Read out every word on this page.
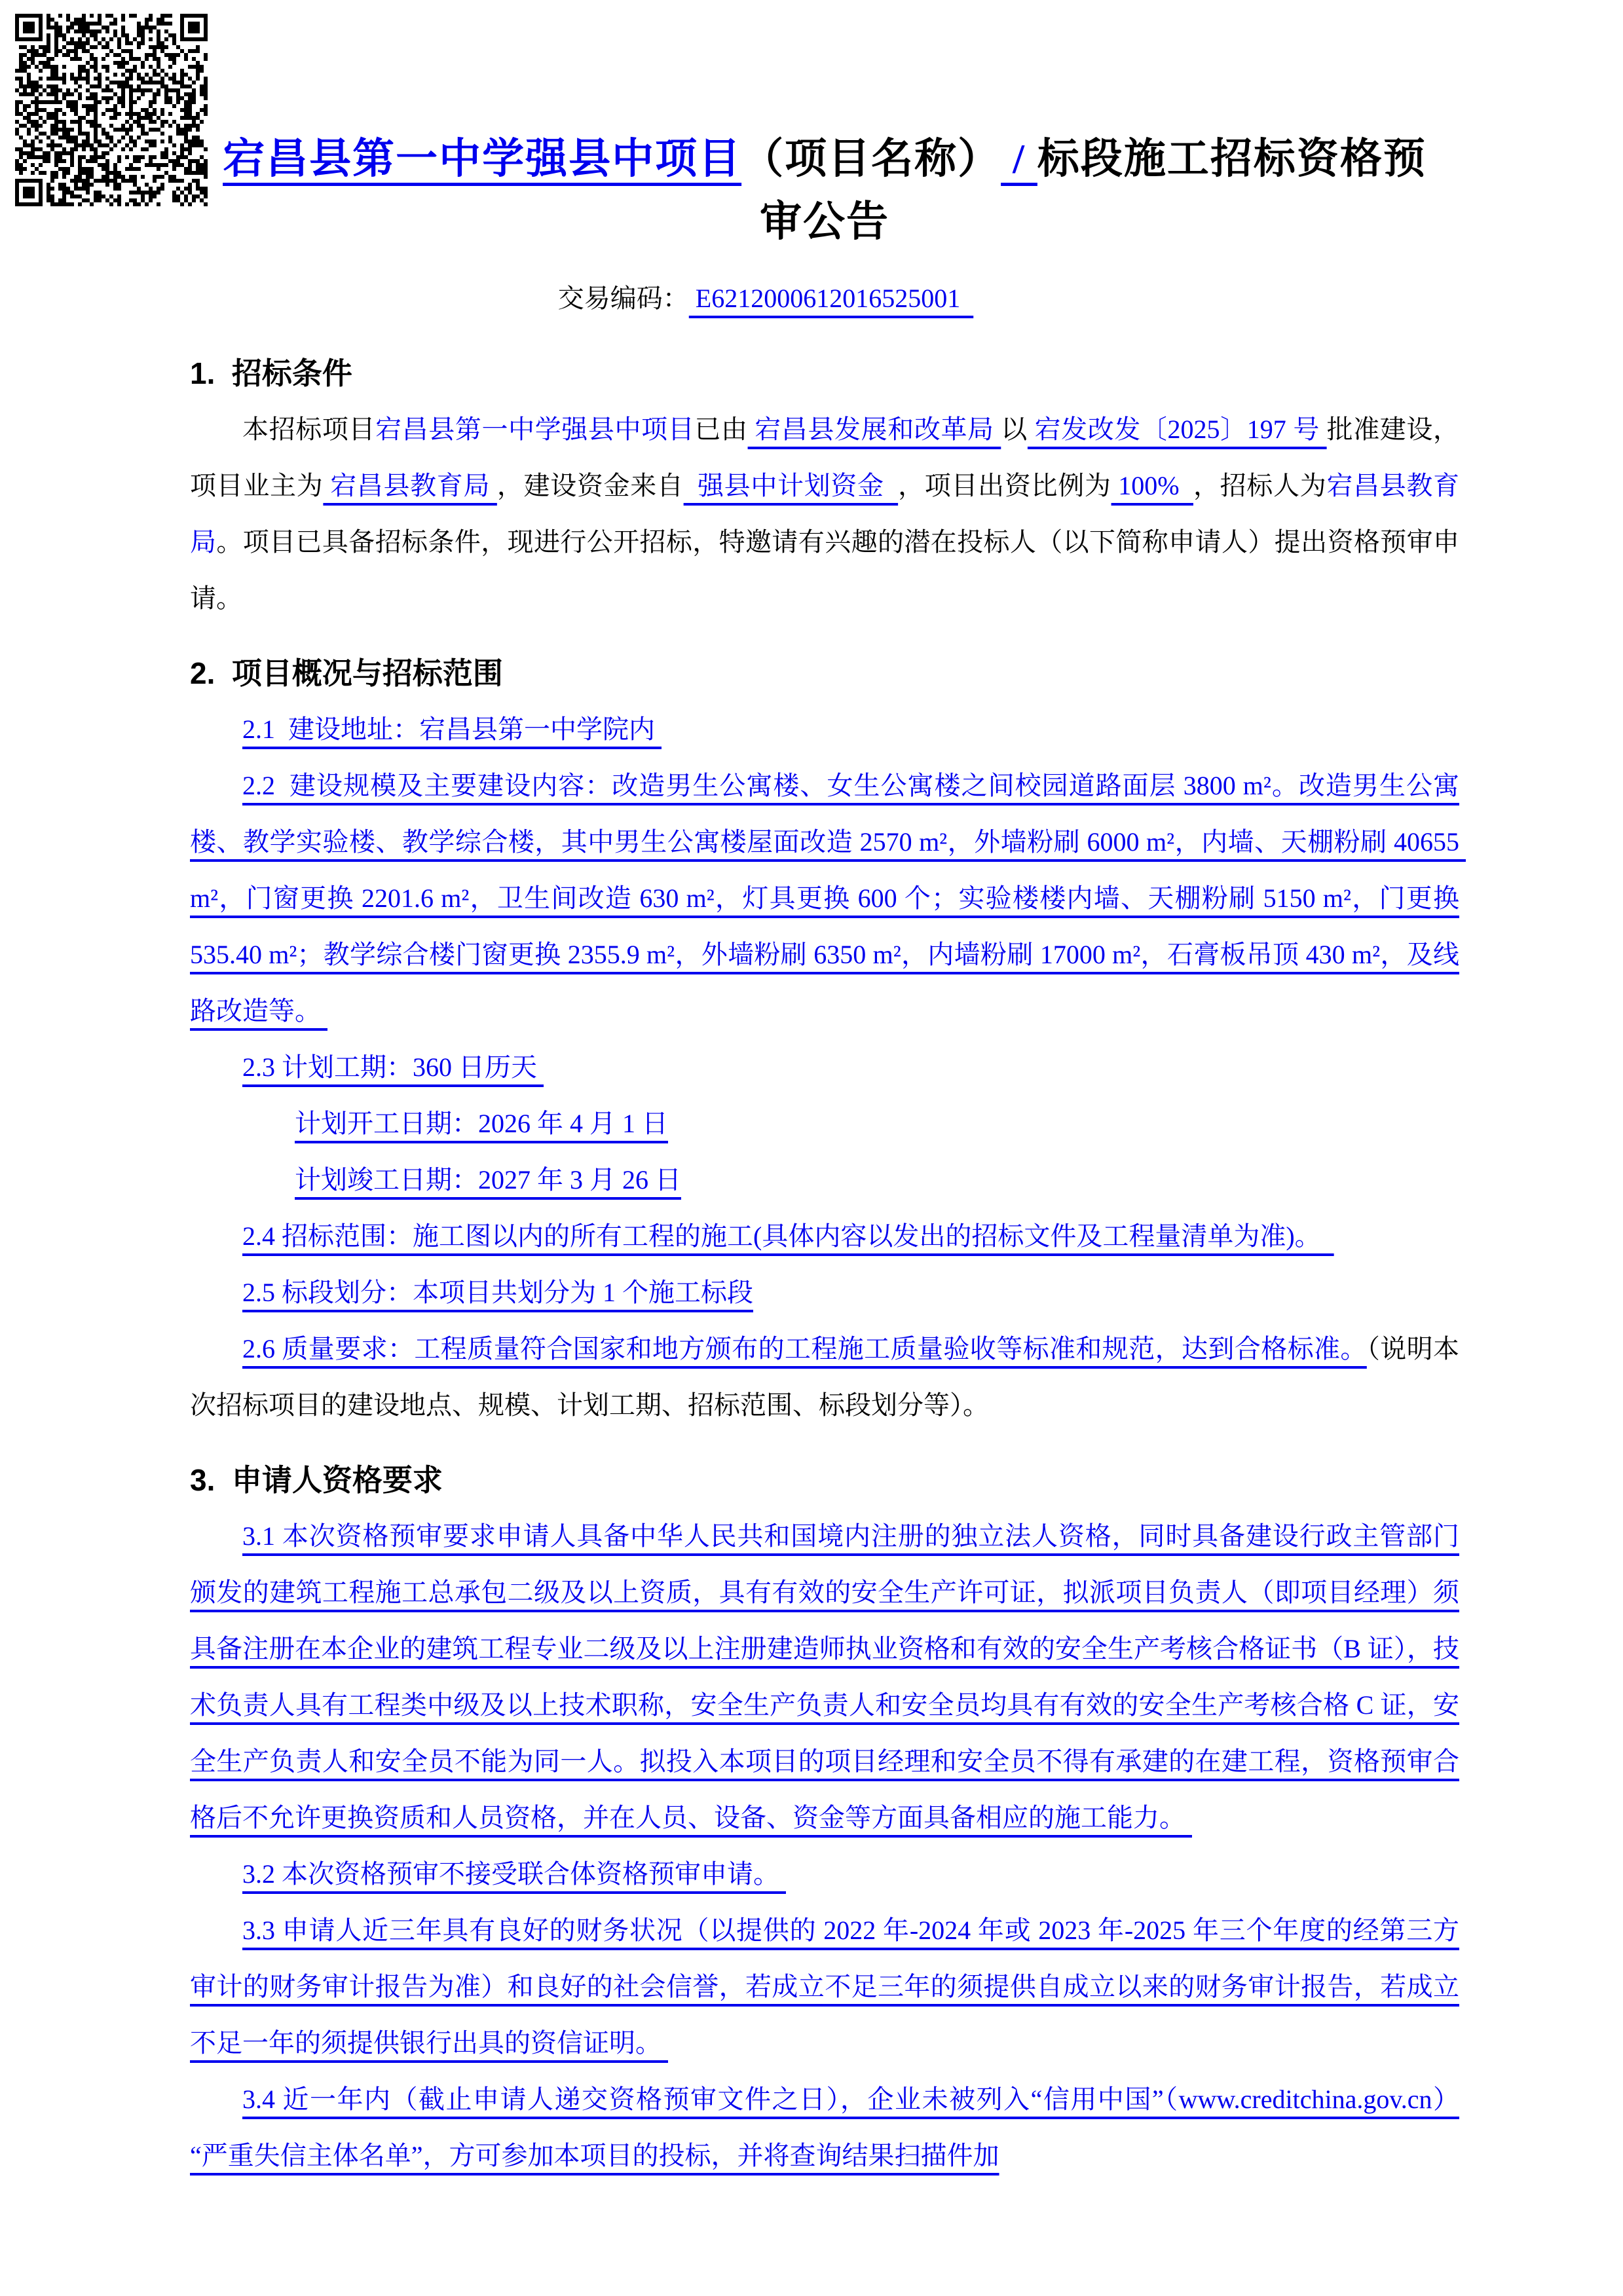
宕昌县第一中学强县中项目（项目名称） / 标段施工招标资格预
审公告
交易编码： E6212000612016525001
1.  招标条件

本招标项目宕昌县第一中学强县中项目已由 宕昌县发展和改革局 以 宕发改发〔2025〕197 号 批准建设，项目业主为 宕昌县教育局 ，建设资金来自  强县中计划资金  ，项目出资比例为 100%  ，招标人为宕昌县教育局。项目已具备招标条件，现进行公开招标，特邀请有兴趣的潜在投标人（以下简称申请人）提出资格预审申请。

2.  项目概况与招标范围

2.1  建设地址：宕昌县第一中学院内

2.2  建设规模及主要建设内容：改造男生公寓楼、女生公寓楼之间校园道路面层 3800 m²。改造男生公寓楼、教学实验楼、教学综合楼，其中男生公寓楼屋面改造 2570 m²，外墙粉刷 6000 m²，内墙、天棚粉刷 40655 m²，门窗更换 2201.6 m²，卫生间改造 630 m²，灯具更换 600 个；实验楼楼内墙、天棚粉刷 5150 m²，门更换 535.40 m²；教学综合楼门窗更换 2355.9 m²，外墙粉刷 6350 m²，内墙粉刷 17000 m²，石膏板吊顶 430 m²，及线路改造等。

2.3 计划工期：360 日历天

计划开工日期：2026 年 4 月 1 日

计划竣工日期：2027 年 3 月 26 日

2.4 招标范围：施工图以内的所有工程的施工(具体内容以发出的招标文件及工程量清单为准)。

2.5 标段划分：本项目共划分为 1 个施工标段

2.6 质量要求：工程质量符合国家和地方颁布的工程施工质量验收等标准和规范，达到合格标准。（说明本次招标项目的建设地点、规模、计划工期、招标范围、标段划分等）。

3.  申请人资格要求

3.1 本次资格预审要求申请人具备中华人民共和国境内注册的独立法人资格，同时具备建设行政主管部门颁发的建筑工程施工总承包二级及以上资质，具有有效的安全生产许可证，拟派项目负责人（即项目经理）须具备注册在本企业的建筑工程专业二级及以上注册建造师执业资格和有效的安全生产考核合格证书（B 证），技术负责人具有工程类中级及以上技术职称，安全生产负责人和安全员均具有有效的安全生产考核合格 C 证，安全生产负责人和安全员不能为同一人。拟投入本项目的项目经理和安全员不得有承建的在建工程，资格预审合格后不允许更换资质和人员资格，并在人员、设备、资金等方面具备相应的施工能力。

3.2 本次资格预审不接受联合体资格预审申请。

3.3 申请人近三年具有良好的财务状况（以提供的 2022 年-2024 年或 2023 年-2025 年三个年度的经第三方审计的财务审计报告为准）和良好的社会信誉，若成立不足三年的须提供自成立以来的财务审计报告，若成立不足一年的须提供银行出具的资信证明。

3.4 近一年内（截止申请人递交资格预审文件之日），企业未被列入“信用中国”（www.creditchina.gov.cn）“严重失信主体名单”，方可参加本项目的投标，并将查询结果扫描件加
